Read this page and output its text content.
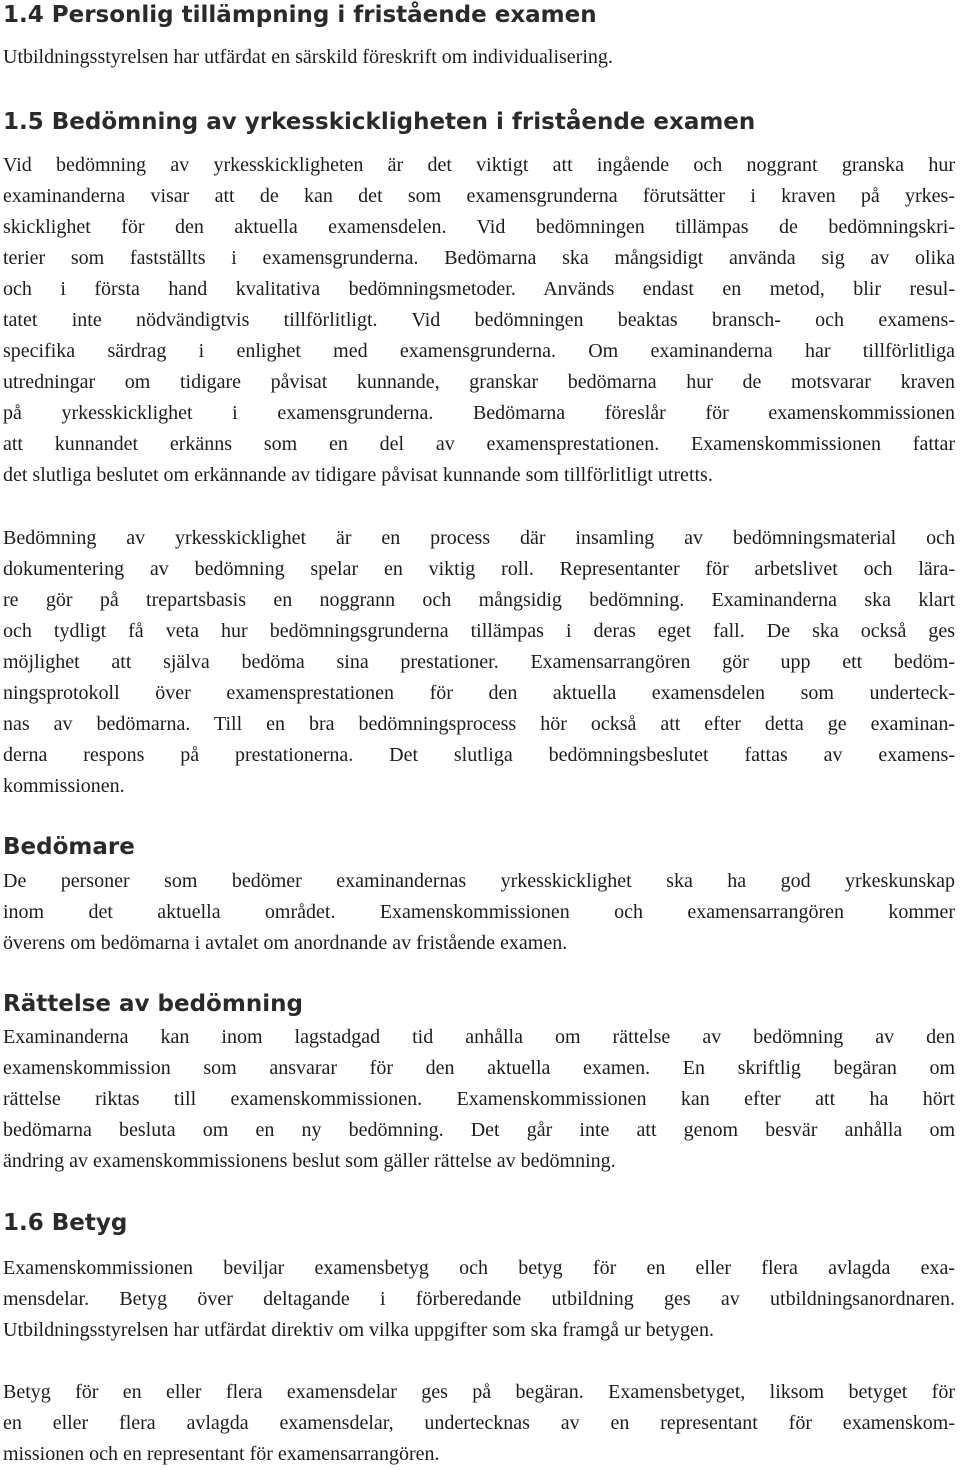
1.4 Personlig tillämpning i fristående examen
Utbildningsstyrelsen har utfärdat en särskild föreskrift om individualisering.
1.5 Bedömning av yrkesskickligheten i fristående examen
Vid bedömning av yrkesskickligheten är det viktigt att ingående och noggrant granska hur
examinanderna visar att de kan det som examensgrunderna förutsätter i kraven på yrkes-
skicklighet för den aktuella examensdelen. Vid bedömningen tillämpas de bedömningskri-
terier som fastställts i examensgrunderna. Bedömarna ska mångsidigt använda sig av olika
och i första hand kvalitativa bedömningsmetoder. Används endast en metod, blir resul-
tatet inte nödvändigtvis tillförlitligt. Vid bedömningen beaktas bransch- och examens-
specifika särdrag i enlighet med examensgrunderna. Om examinanderna har tillförlitliga
utredningar om tidigare påvisat kunnande, granskar bedömarna hur de motsvarar kraven
på yrkesskicklighet i examensgrunderna. Bedömarna föreslår för examenskommissionen
att kunnandet erkänns som en del av examensprestationen. Examenskommissionen fattar
det slutliga beslutet om erkännande av tidigare påvisat kunnande som tillförlitligt utretts.
Bedömning av yrkesskicklighet är en process där insamling av bedömningsmaterial och
dokumentering av bedömning spelar en viktig roll. Representanter för arbetslivet och lära-
re gör på trepartsbasis en noggrann och mångsidig bedömning. Examinanderna ska klart
och tydligt få veta hur bedömningsgrunderna tillämpas i deras eget fall. De ska också ges
möjlighet att själva bedöma sina prestationer. Examensarrangören gör upp ett bedöm-
ningsprotokoll över examensprestationen för den aktuella examensdelen som underteck-
nas av bedömarna. Till en bra bedömningsprocess hör också att efter detta ge examinan-
derna respons på prestationerna. Det slutliga bedömningsbeslutet fattas av examens-
kommissionen.
Bedömare
De personer som bedömer examinandernas yrkesskicklighet ska ha god yrkeskunskap
inom det aktuella området. Examenskommissionen och examensarrangören kommer
överens om bedömarna i avtalet om anordnande av fristående examen.
Rättelse av bedömning
Examinanderna kan inom lagstadgad tid anhålla om rättelse av bedömning av den
examenskommission som ansvarar för den aktuella examen. En skriftlig begäran om
rättelse riktas till examenskommissionen. Examenskommissionen kan efter att ha hört
bedömarna besluta om en ny bedömning. Det går inte att genom besvär anhålla om
ändring av examenskommissionens beslut som gäller rättelse av bedömning.
1.6 Betyg
Examenskommissionen beviljar examensbetyg och betyg för en eller flera avlagda exa-
mensdelar. Betyg över deltagande i förberedande utbildning ges av utbildningsanordnaren.
Utbildningsstyrelsen har utfärdat direktiv om vilka uppgifter som ska framgå ur betygen.
Betyg för en eller flera examensdelar ges på begäran. Examensbetyget, liksom betyget för
en eller flera avlagda examensdelar, undertecknas av en representant för examenskom-
missionen och en representant för examensarrangören.
